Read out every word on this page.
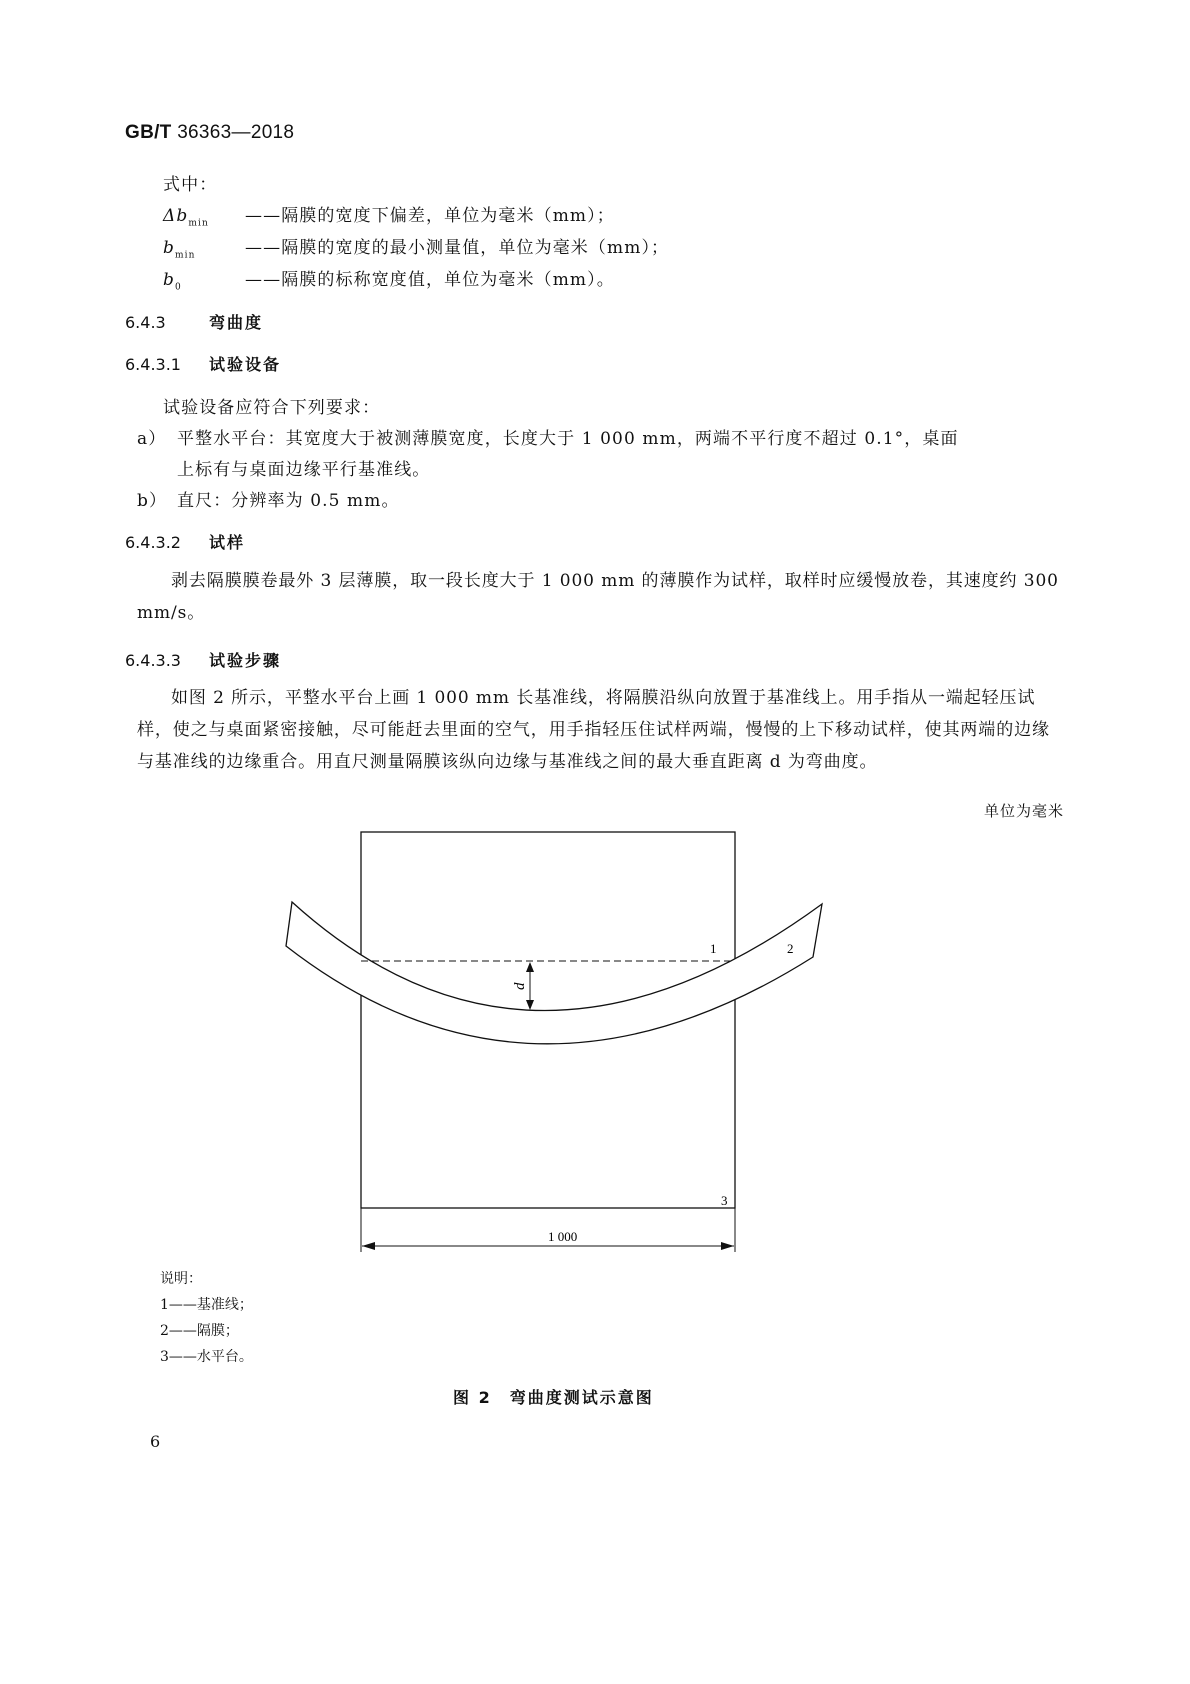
GB/T 36363—2018
式中：
$\Delta b_{min}$ ——隔膜的宽度下偏差，单位为毫米（mm）；
$b_{min}$	——隔膜的宽度的最小测量值，单位为毫米（mm）；
$b_0$	——隔膜的标称宽度值，单位为毫米（mm）。
6.4.3	弯曲度
6.4.3.1 试验设备
试验设备应符合下列要求：
a） 平整水平台：其宽度大于被测薄膜宽度，长度大于 1 000 mm，两端不平行度不超过 0.1°，桌面
上标有与桌面边缘平行基准线。
b） 直尺：分辨率为 0.5 mm。
6.4.3.2 试样
剥去隔膜膜卷最外 3 层薄膜，取一段长度大于 1 000 mm 的薄膜作为试样，取样时应缓慢放卷，其速度约 300 mm/s。
6.4.3.3 试验步骤
如图 2 所示，平整水平台上画 1 000 mm 长基准线，将隔膜沿纵向放置于基准线上。用手指从一端起轻压试样，使之与桌面紧密接触，尽可能赶去里面的空气，用手指轻压住试样两端，慢慢的上下移动试样，使其两端的边缘与基准线的边缘重合。用直尺测量隔膜该纵向边缘与基准线之间的最大垂直距离 d 为弯曲度。
单位为毫米
d
1	2
3
1 000
说明：
1——基准线；
2——隔膜；
3——水平台。
图 2　弯曲度测试示意图
6
